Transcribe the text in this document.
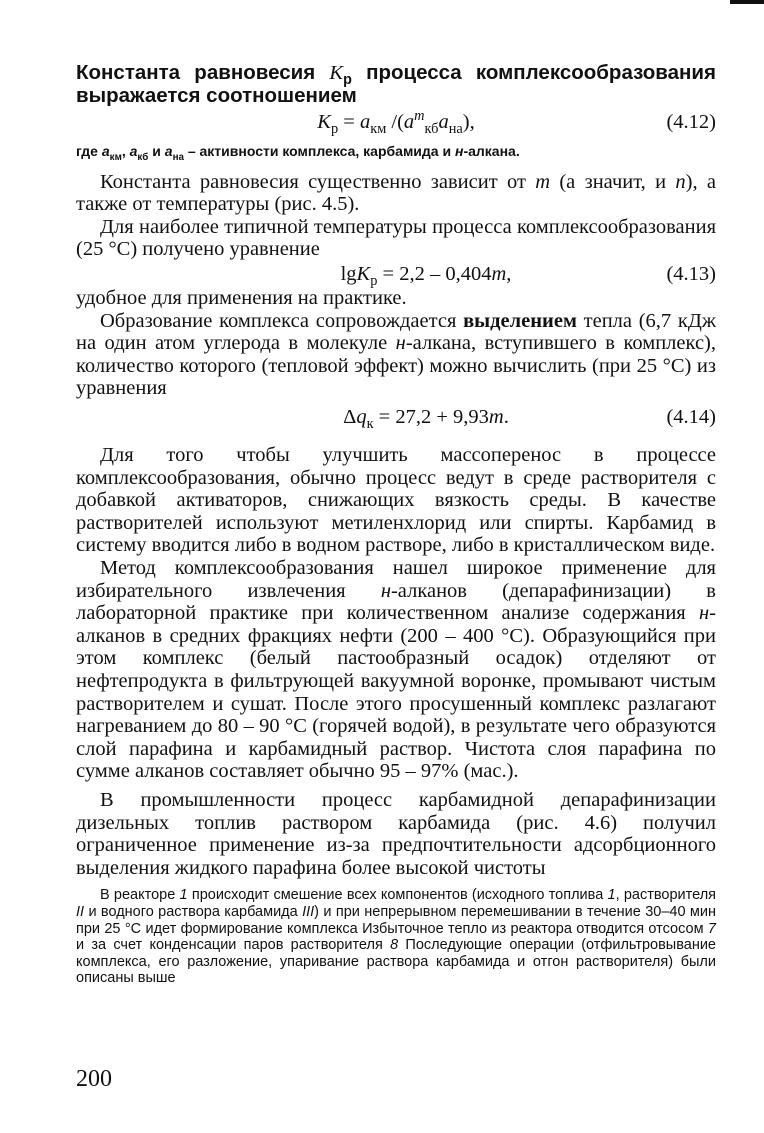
Константа равновесия $K_р$ процесса комплексообразования выражается соотношением

$K_р = a_{км}$ $/(a^m_{кб}a_{на})$,	(4.12)

где $a_{км}$, $a_{кб}$ и $a_{на}$ – активности комплекса, карбамида и н-алкана.

Константа равновесия существенно зависит от m (а значит, и n), а также от температуры (рис. 4.5).

Для наиболее типичной температуры процесса комплексообразования (25 °С) получено уравнение

lgK$_р$ = 2,2 – 0,404m,	(4.13)

удобное для применения на практике.

Образование комплекса сопровождается выделением тепла (6,7 кДж на один атом углерода в молекуле н-алкана, вступившего в комплекс), количество которого (тепловой эффект) можно вычислить (при 25 °С) из уравнения

$\Delta q_к = 27,2 + 9,93m$.	(4.14)

Для того чтобы улучшить массоперенос в процессе комплексообразования, обычно процесс ведут в среде растворителя с добавкой активаторов, снижающих вязкость среды. В качестве растворителей используют метиленхлорид или спирты. Карбамид в систему вводится либо в водном растворе, либо в кристаллическом виде.

Метод комплексообразования нашел широкое применение для избирательного извлечения н-алканов (депарафинизации) в лабораторной практике при количественном анализе содержания н-алканов в средних фракциях нефти (200 – 400 °С). Образующийся при этом комплекс (белый пастообразный осадок) отделяют от нефтепродукта в фильтрующей вакуумной воронке, промывают чистым растворителем и сушат. После этого просушенный комплекс разлагают нагреванием до 80 – 90 °С (горячей водой), в результате чего образуются слой парафина и карбамидный раствор. Чистота слоя парафина по сумме алканов составляет обычно 95 – 97% (мас.).

В промышленности процесс карбамидной депарафинизации дизельных топлив раствором карбамида (рис. 4.6) получил ограниченное применение из-за предпочтительности адсорбционного выделения жидкого парафина более высокой чистоты

В реакторе 1 происходит смешение всех компонентов (исходного топлива 1, растворителя II и водного раствора карбамида III) и при непрерывном перемешивании в течение 30–40 мин при 25 °С идет формирование комплекса Избыточное тепло из реактора отводится отсосом 7 и за счет конденсации паров растворителя 8 Последующие операции (отфильтровывание комплекса, его разложение, упаривание раствора карбамида и отгон растворителя) были описаны выше

200
